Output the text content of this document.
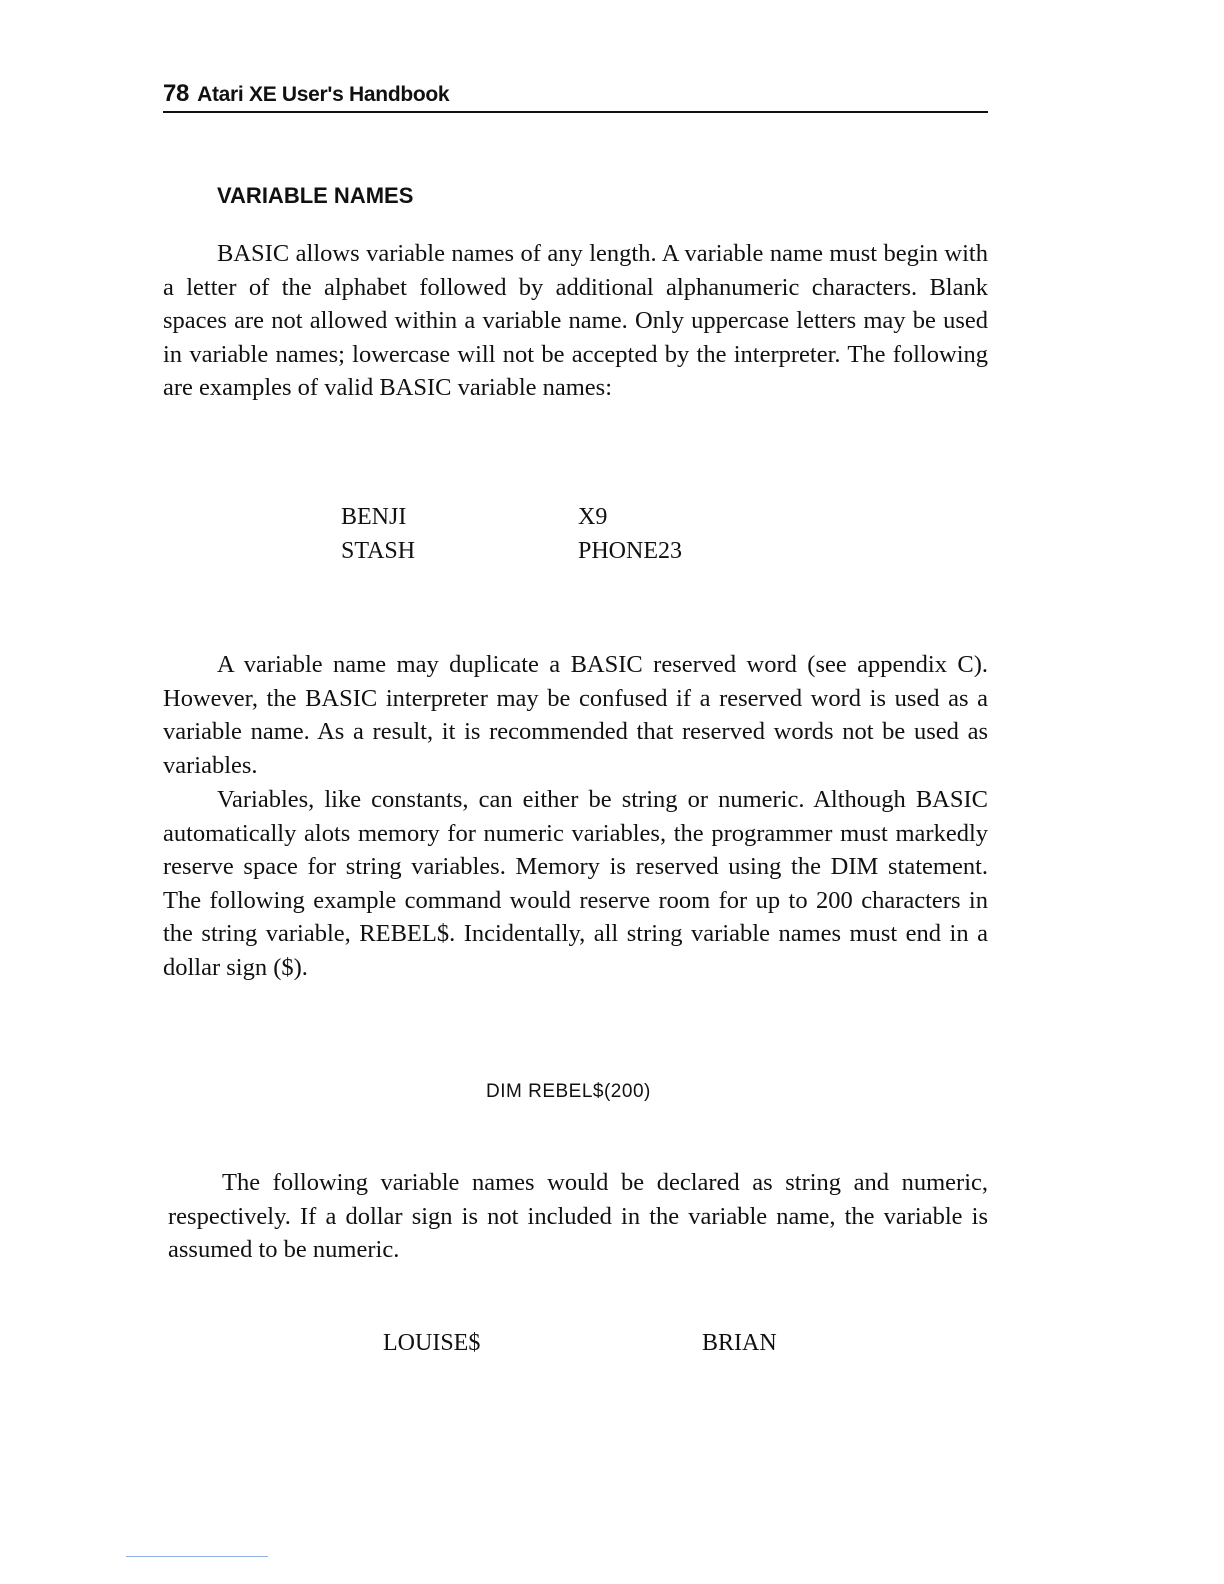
78 Atari XE User's Handbook
VARIABLE NAMES

BASIC allows variable names of any length. A variable name must begin with a letter of the alphabet followed by additional alphanumeric characters. Blank spaces are not allowed within a variable name. Only uppercase letters may be used in variable names; lowercase will not be accepted by the interpreter. The following are examples of valid BASIC variable names:

BENJI	X9
STASH	PHONE23

A variable name may duplicate a BASIC reserved word (see appendix C). However, the BASIC interpreter may be confused if a reserved word is used as a variable name. As a result, it is recommended that reserved words not be used as variables.

Variables, like constants, can either be string or numeric. Although BASIC automatically alots memory for numeric variables, the programmer must markedly reserve space for string variables. Memory is reserved using the DIM statement. The following example command would reserve room for up to 200 characters in the string variable, REBEL$. Incidentally, all string variable names must end in a dollar sign ($).

DIM REBEL$(200)

The following variable names would be declared as string and numeric, respectively. If a dollar sign is not included in the variable name, the variable is assumed to be numeric.

LOUISE$	BRIAN
